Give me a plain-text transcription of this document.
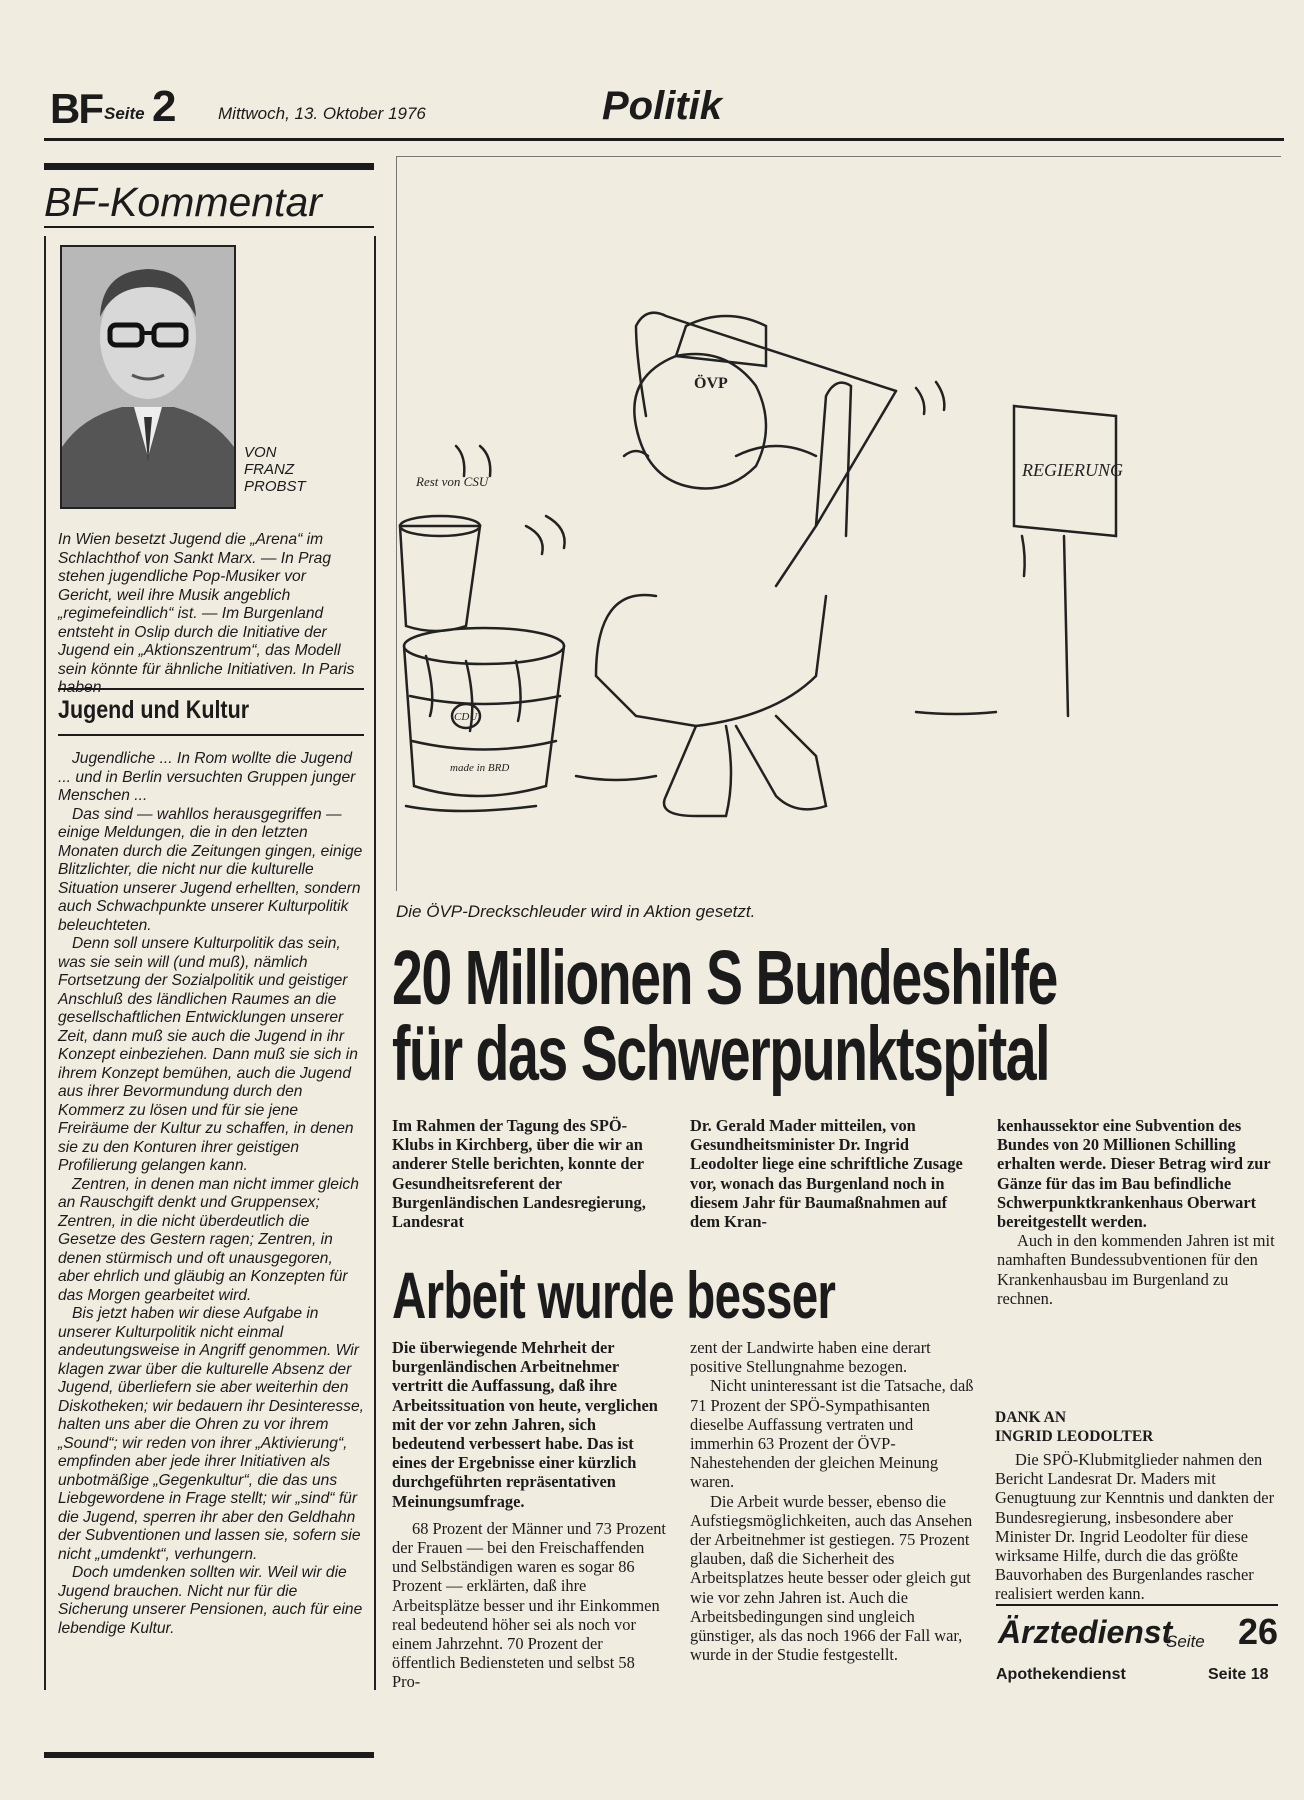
BF Seite 2 Mittwoch, 13. Oktober 1976	Politik
BF-Kommentar
VON
FRANZ
PROBST
In Wien besetzt Jugend die „Arena“ im Schlachthof von Sankt Marx. — In Prag stehen jugendliche Pop-Musiker vor Gericht, weil ihre Musik angeblich „regimefeindlich“ ist. — Im Burgenland entsteht in Oslip durch die Initiative der Jugend ein „Aktionszentrum“, das Modell sein könnte für ähnliche Initiativen. In Paris
Jugend und Kultur

Jugendliche ... In Rom wollte die Jugend ... und in Berlin versuchten Gruppen junger Menschen ...

Das sind — wahllos herausgegriffen — einige Meldungen, die in den letzten Monaten durch die Zeitungen gingen, einige Blitzlichter, die nicht nur die kulturelle Situation unserer Jugend erhellten, sondern auch Schwachpunkte unserer Kulturpolitik beleuchteten.

Denn soll unsere Kulturpolitik das sein, was sie sein will (und muß), nämlich Fortsetzung der Sozialpolitik und geistiger Anschluß des ländlichen Raumes an die gesellschaftlichen Entwicklungen unserer Zeit, dann muß sie auch die Jugend in ihr Konzept einbeziehen. Dann muß sie sich in ihrem Konzept bemühen, auch die Jugend aus ihrer Bevormundung durch den Kommerz zu lösen und für sie jene Freiräume der Kultur zu schaffen, in denen sie zu den Konturen ihrer geistigen Profilierung gelangen kann.

Zentren, in denen man nicht immer gleich an Rauschgift denkt und Gruppensex; Zentren, in die nicht überdeutlich die Gesetze des Gestern ragen; Zentren, in denen stürmisch und oft unausgegoren, aber ehrlich und gläubig an Konzepten für das Morgen gearbeitet wird.

Bis jetzt haben wir diese Aufgabe in unserer Kulturpolitik nicht einmal andeutungsweise in Angriff genommen. Wir klagen zwar über die kulturelle Absenz der Jugend, überliefern sie aber weiterhin den Diskotheken; wir bedauern ihr Desinteresse, halten uns aber die Ohren zu vor ihrem „Sound“; wir reden von ihrer „Aktivierung“, empfinden aber jede ihrer Initiativen als unbotmäßige „Gegenkultur“, die das uns Liebgewordene in Frage stellt; wir „sind“ für die Jugend, sperren ihr aber den Geldhahn der Subventionen und lassen sie, sofern sie nicht „umdenkt“, verhungern.

Doch umdenken sollten wir. Weil wir die Jugend brauchen. Nicht nur für die Sicherung unserer Pensionen, auch für eine lebendige Kultur.

Rest von CSU
CDU
made in BRD
ÖVP
REGIERUNG
Die ÖVP-Dreckschleuder wird in Aktion gesetzt.
20 Millionen S Bundeshilfe
für das Schwerpunktspital
Im Rahmen der Tagung des SPÖ-Klubs in Kirchberg, über die wir an anderer Stelle berichten, konnte der Gesundheitsreferent der Burgenländischen Landesregierung, Landesrat
Dr. Gerald Mader mitteilen, von Gesundheitsminister Dr. Ingrid Leodolter liege eine schriftliche Zusage vor, wonach das Burgenland noch in diesem Jahr für Baumaßnahmen auf dem Kran-

kenhaussektor eine Subvention des Bundes von 20 Millionen Schilling erhalten werde. Dieser Betrag wird zur Gänze für das im Bau befindliche Schwerpunktkrankenhaus Oberwart bereitgestellt werden.

Auch in den kommenden Jahren ist mit namhaften Bundessubventionen für den Krankenhausbau im Burgenland zu rechnen.

DANK AN
INGRID LEODOLTER

Die SPÖ-Klubmitglieder nahmen den Bericht Landesrat Dr. Maders mit Genugtuung zur Kenntnis und dankten der Bundesregierung, insbesondere aber Minister Dr. Ingrid Leodolter für diese wirksame Hilfe, durch die das größte Bauvorhaben des Burgenlandes rascher realisiert werden kann.

Arbeit wurde besser

Die überwiegende Mehrheit der burgenländischen Arbeitnehmer vertritt die Auffassung, daß ihre Arbeitssituation von heute, verglichen mit der vor zehn Jahren, sich bedeutend verbessert habe. Das ist eines der Ergebnisse einer kürzlich durchgeführten repräsentativen Meinungsumfrage.

68 Prozent der Männer und 73 Prozent der Frauen — bei den Freischaffenden und Selbständigen waren es sogar 86 Prozent — erklärten, daß ihre Arbeitsplätze besser und ihr Einkommen real bedeutend höher sei als noch vor einem Jahrzehnt. 70 Prozent der öffentlich Bediensteten und selbst 58 Pro-

zent der Landwirte haben eine derart positive Stellungnahme bezogen.

Nicht uninteressant ist die Tatsache, daß 71 Prozent der SPÖ-Sympathisanten dieselbe Auffassung vertraten und immerhin 63 Prozent der ÖVP-Nahestehenden der gleichen Meinung waren.

Die Arbeit wurde besser, ebenso die Aufstiegsmöglichkeiten, auch das Ansehen der Arbeitnehmer ist gestiegen. 75 Prozent glauben, daß die Sicherheit des Arbeitsplatzes heute besser oder gleich gut wie vor zehn Jahren ist. Auch die Arbeitsbedingungen sind ungleich günstiger, als das noch 1966 der Fall war, wurde in der Studie festgestellt.

Ärztedienst
Seite 26
Apothekendienst	Seite 18
